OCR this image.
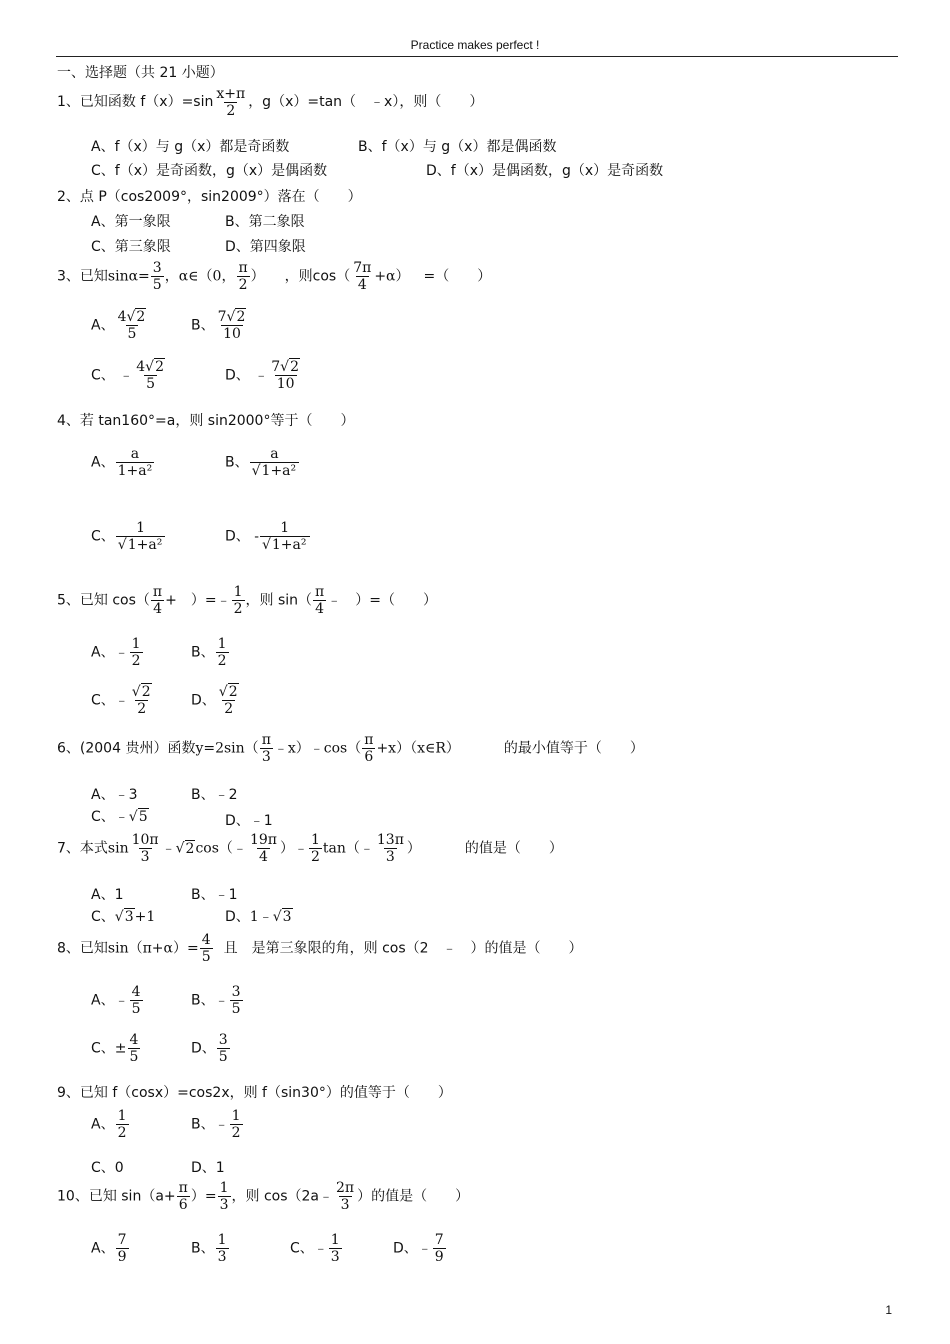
Practice makes perfect !
一、选择题（共 21 小题）
1、已知函数 $f(x)=\sin \frac{x+\pi}{2}$ ，g（x）=tan（　﹣x），则（　　）
A、f（x）与 g（x）都是奇函数	B、f（x）与 g（x）都是偶函数
C、f（x）是奇函数，g（x）是偶函数	D、f（x）是偶函数，g（x）是奇函数
2、点 P（cos2009°，sin2009°）落在（　　）
A、第一象限	B、第二象限
C、第三象限	D、第四象限
3、已知$\sin\alpha= \frac{3}{5}$ ，α∈（0， $\frac{\pi}{2}$ ） ，则$\cos( \frac{7\pi}{4} +\alpha)$ =（　　）
A、 $\frac{4√2}{5}$	B、 $\frac{7√2}{10}$
C、 ﹣ $\frac{4√2}{5}$	D、 ﹣ $\frac{7√2}{10}$
4、若 tan160°=a，则 sin2000°等于（　　）
A、 $\frac{a}{\text{1+a²}}$	B、 $\frac{a}{\text{√1+a²}}$
C、 $\frac{1}{\text{√1+a²}}$	D、 - $\frac{1}{\text{√1+a²}}$
5、已知 $\cos( \frac{\pi}{4}$ +　）=﹣ $\frac{1}{2}$ ，则 $\sin( \frac{\pi}{4}$ ﹣　）=（　　）
A、﹣ $\frac{1}{2}$	B、 $\frac{1}{2}$
C、﹣ $\frac{√2}{2}$	D、 $\frac{√2}{2}$
6、(2004 贵州）函数$y=2\sin( \frac{\pi}{3}$ ﹣x）﹣cos（ $\frac{\pi}{6}$ +x）（x∈R）	的最小值等于（　　）
A、﹣3	B、﹣2
C、﹣√5	D、﹣1
7、本式$\sin \frac{10\pi}{3}$ ﹣√2cos（﹣ $\frac{19\pi}{4}$ ）﹣ $\frac{1}{2}$ tan（﹣ $\frac{13\pi}{3}$ ）	的值是（　　）
A、1	B、﹣1
C、√3+1	D、1﹣√3
8、已知$\sin(\pi+\alpha)= \frac{4}{5}$ 且　是第三象限的角，则 cos（2　﹣　）的值是（　　）
A、﹣ $\frac{4}{5}$	B、﹣ $\frac{3}{5}$
C、± $\frac{4}{5}$	D、 $\frac{3}{5}$
9、已知 f（cosx）=cos2x，则 f（sin30°）的值等于（　　）
A、 $\frac{1}{2}$	B、﹣ $\frac{1}{2}$
C、0	D、1
10、已知 $\sin(a+ \frac{\pi}{6}$ ）= $\frac{1}{3}$ ，则 cos（2a﹣ $\frac{2\pi}{3}$ ）的值是（　　）
A、 $\frac{7}{9}$	B、 $\frac{1}{3}$	C、﹣ $\frac{1}{3}$	D、﹣ $\frac{7}{9}$
1
